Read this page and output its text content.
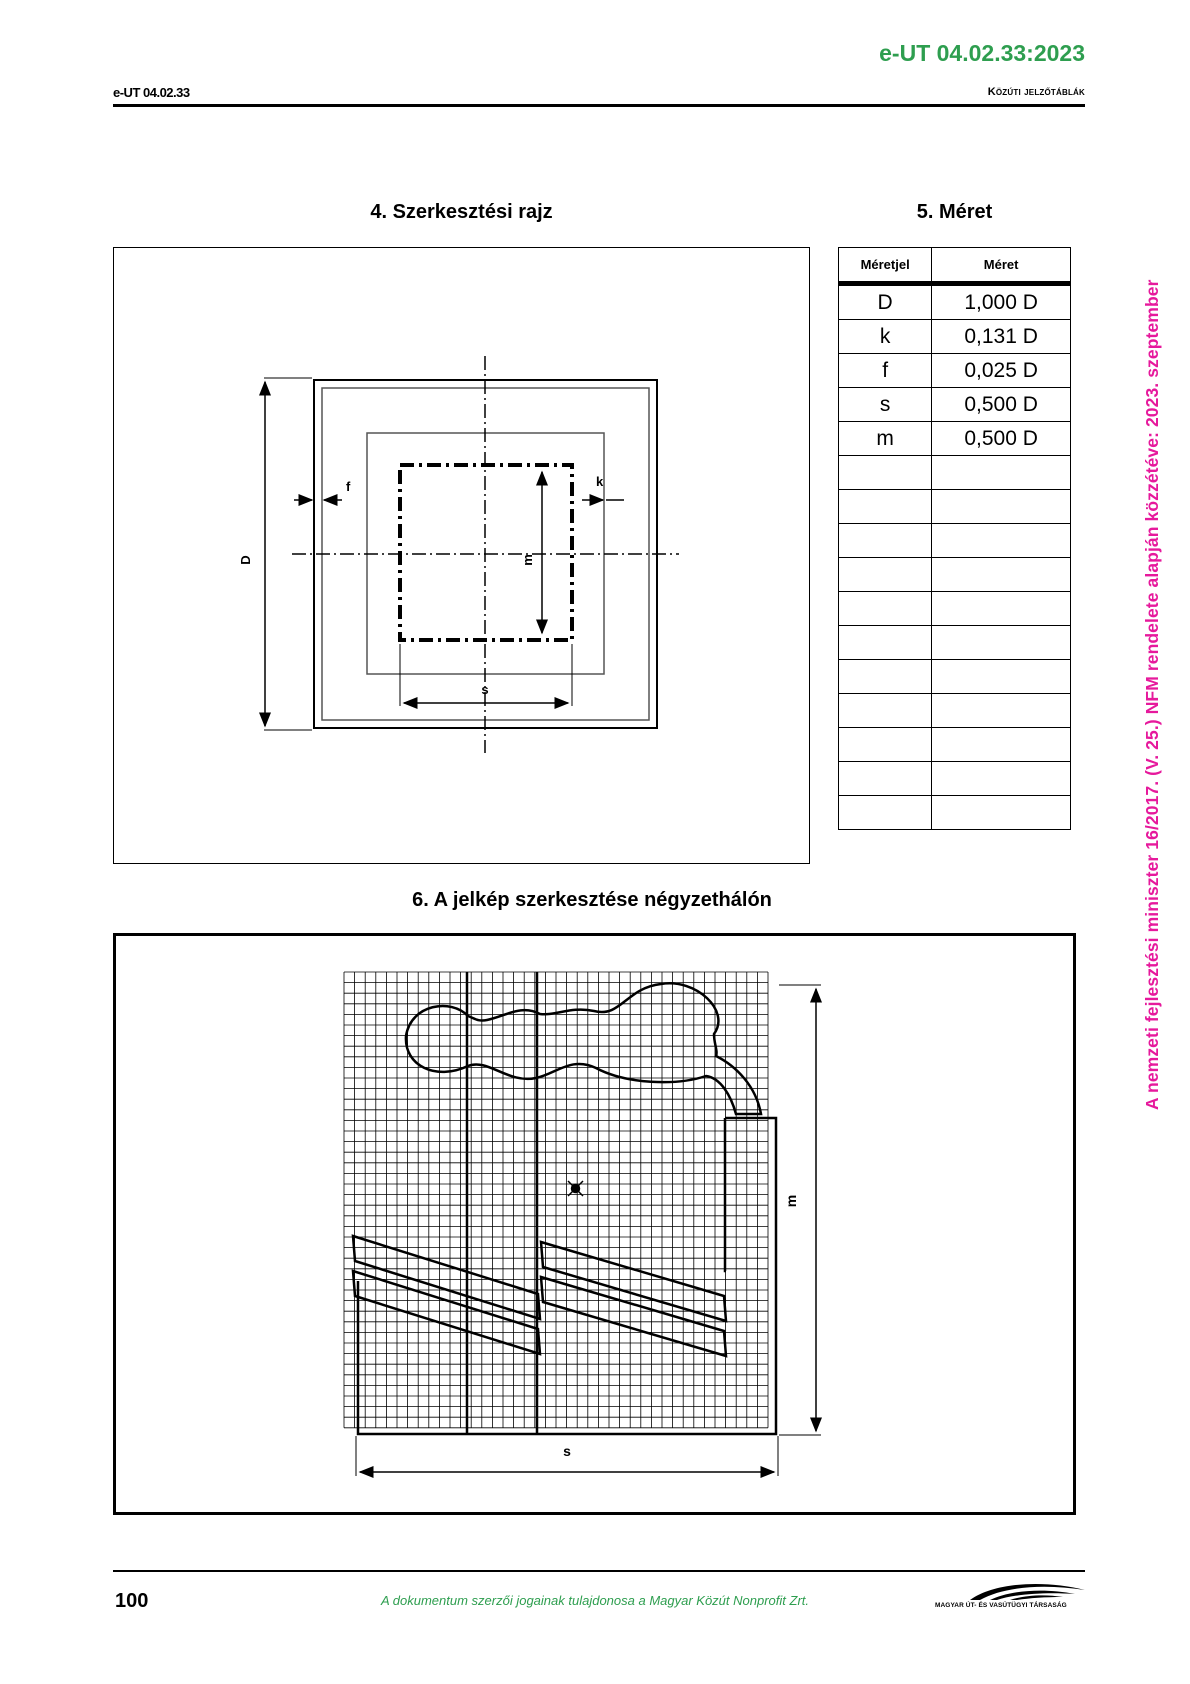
e-UT 04.02.33:2023
e-UT 04.02.33	Közúti jelzőtáblák
4. Szerkesztési rajz	5. Méret
D
f	k
m
s
Méretjel	Méret
D	1,000 D
k	0,131 D
f	0,025 D
s	0,500 D
m	0,500 D

6. A jelkép szerkesztése négyzethálón
m
s
A nemzeti fejlesztési miniszter 16/2017. (V. 25.) NFM rendelete alapján közzétéve: 2023. szeptember
100	A dokumentum szerzői jogainak tulajdonosa a Magyar Közút Nonprofit Zrt.	MAGYAR ÚT- ÉS VASÚTÜGYI TÁRSASÁG
